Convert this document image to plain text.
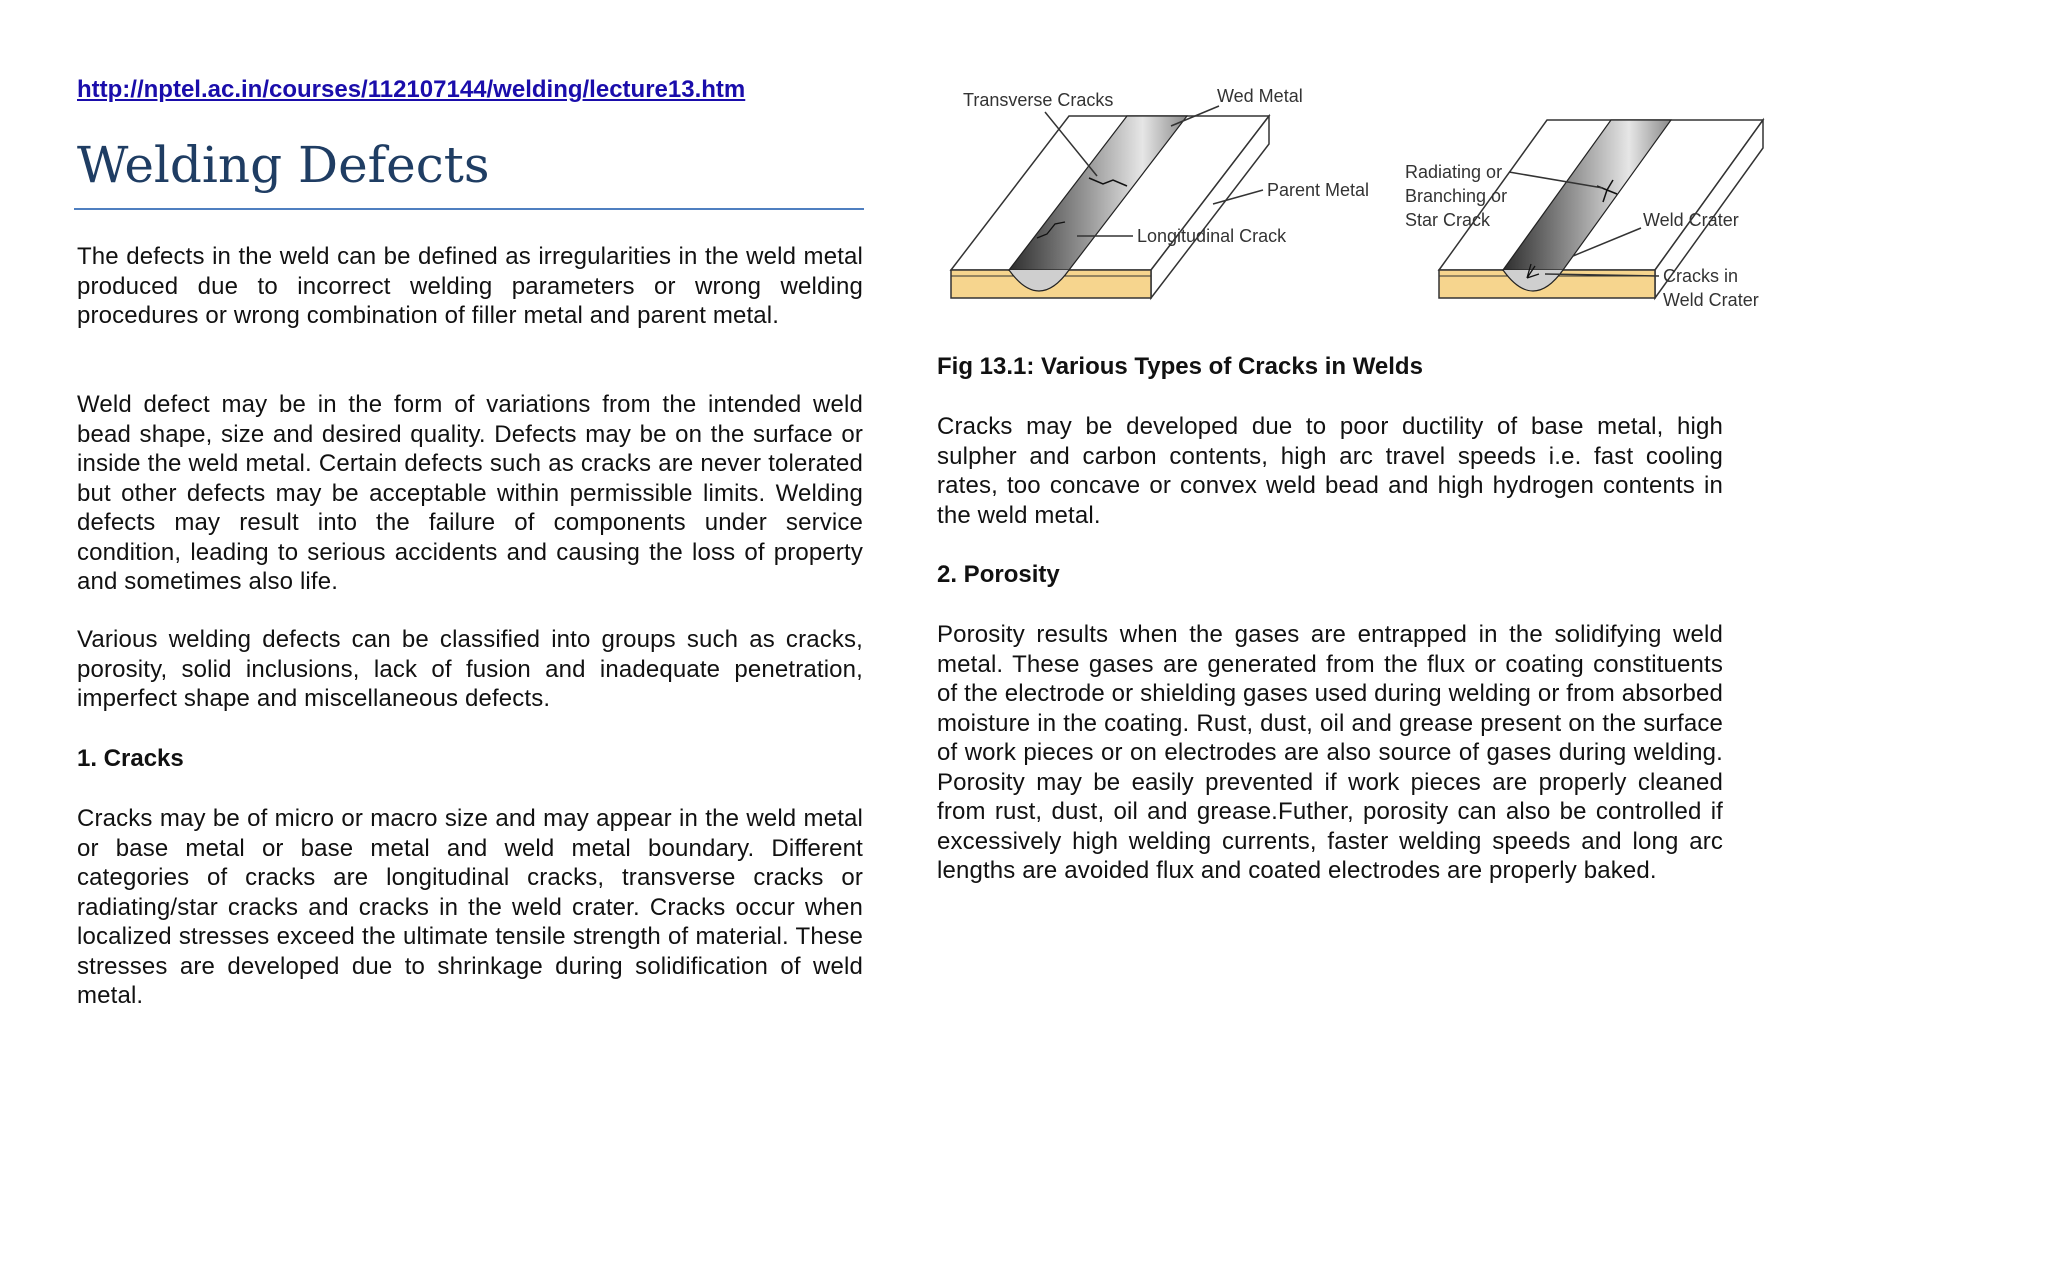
http://nptel.ac.in/courses/112107144/welding/lecture13.htm
Welding Defects

The defects in the weld can be defined as irregularities in the weld metal produced due to incorrect welding parameters or wrong welding procedures or wrong combination of filler metal and parent metal.

Weld defect may be in the form of variations from the intended weld bead shape, size and desired quality. Defects may be on the surface or inside the weld metal. Certain defects such as cracks are never tolerated but other defects may be acceptable within permissible limits. Welding defects may result into the failure of components under service condition, leading to serious accidents and causing the loss of property and sometimes also life.

Various welding defects can be classified into groups such as cracks, porosity, solid inclusions, lack of fusion and inadequate penetration, imperfect shape and miscellaneous defects.

1. Cracks

Cracks may be of micro or macro size and may appear in the weld metal or base metal or base metal and weld metal boundary. Different categories of cracks are longitudinal cracks, transverse cracks or radiating/star cracks and cracks in the weld crater. Cracks occur when localized stresses exceed the ultimate tensile strength of material. These stresses are developed due to shrinkage during solidification of weld metal.

Transverse Cracks	Wed Metal
Parent Metal
Longitudinal Crack
Radiating or
Branching or
Star Crack	Weld Crater
Cracks in
Weld Crater

Fig 13.1: Various Types of Cracks in Welds

Cracks may be developed due to poor ductility of base metal, high sulpher and carbon contents, high arc travel speeds i.e. fast cooling rates, too concave or convex weld bead and high hydrogen contents in the weld metal.

2. Porosity

Porosity results when the gases are entrapped in the solidifying weld metal. These gases are generated from the flux or coating constituents of the electrode or shielding gases used during welding or from absorbed moisture in the coating. Rust, dust, oil and grease present on the surface of work pieces or on electrodes are also source of gases during welding. Porosity may be easily prevented if work pieces are properly cleaned from rust, dust, oil and grease.Futher, porosity can also be controlled if excessively high welding currents, faster welding speeds and long arc lengths are avoided flux and coated electrodes are properly baked.
